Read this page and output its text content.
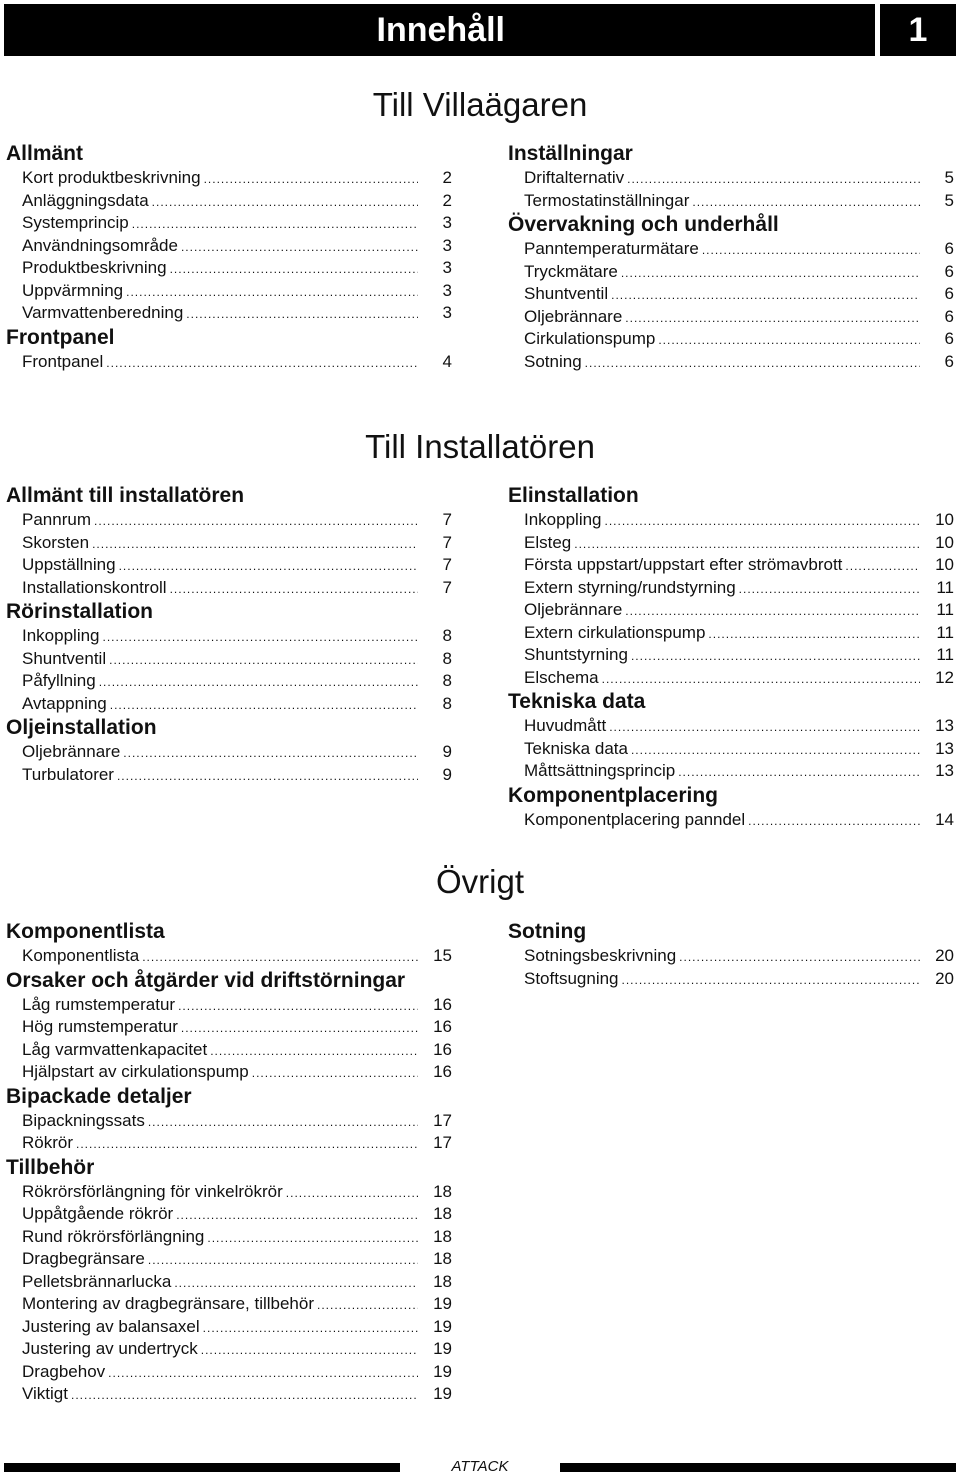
Innehåll	1
Till Villaägaren
Till Installatören
Övrigt
Allmänt
Kort produktbeskrivning .....	2
Anläggningsdata .....	2
Systemprincip .....	3
Användningsområde .....	3
Produktbeskrivning .....	3
Uppvärmning .....	3
Varmvattenberedning .....	3
Frontpanel
Frontpanel .....	4
Inställningar
Driftalternativ .....	5
Termostatinställningar .....	5
Övervakning och underhåll
Panntemperaturmätare .....	6
Tryckmätare .....	6
Shuntventil .....	6
Oljebrännare .....	6
Cirkulationspump .....	6
Sotning .....	6
Allmänt till installatören
Pannrum .....	7
Skorsten .....	7
Uppställning .....	7
Installationskontroll .....	7
Rörinstallation
Inkoppling .....	8
Shuntventil .....	8
Påfyllning .....	8
Avtappning .....	8
Oljeinstallation
Oljebrännare .....	9
Turbulatorer .....	9
Elinstallation
Inkoppling .....	10
Elsteg .....	10
Första uppstart/uppstart efter strömavbrott .....	10
Extern styrning/rundstyrning .....	11
Oljebrännare .....	11
Extern cirkulationspump .....	11
Shuntstyrning .....	11
Elschema .....	12
Tekniska data
Huvudmått .....	13
Tekniska data .....	13
Måttsättningsprincip .....	13
Komponentplacering
Komponentplacering panndel .....	14
Komponentlista
Komponentlista .....	15
Orsaker och åtgärder vid driftstörningar
Låg rumstemperatur .....	16
Hög rumstemperatur .....	16
Låg varmvattenkapacitet .....	16
Hjälpstart av cirkulationspump .....	16
Bipackade detaljer
Bipackningssats .....	17
Rökrör .....	17
Tillbehör
Rökrörsförlängning för vinkelrökrör .....	18
Uppåtgående rökrör .....	18
Rund rökrörsförlängning .....	18
Dragbegränsare .....	18
Pelletsbrännarlucka .....	18
Montering av dragbegränsare, tillbehör .....	19
Justering av balansaxel .....	19
Justering av undertryck .....	19
Dragbehov .....	19
Viktigt .....	19
Sotning
Sotningsbeskrivning .....	20
Stoftsugning .....	20
ATTACK
